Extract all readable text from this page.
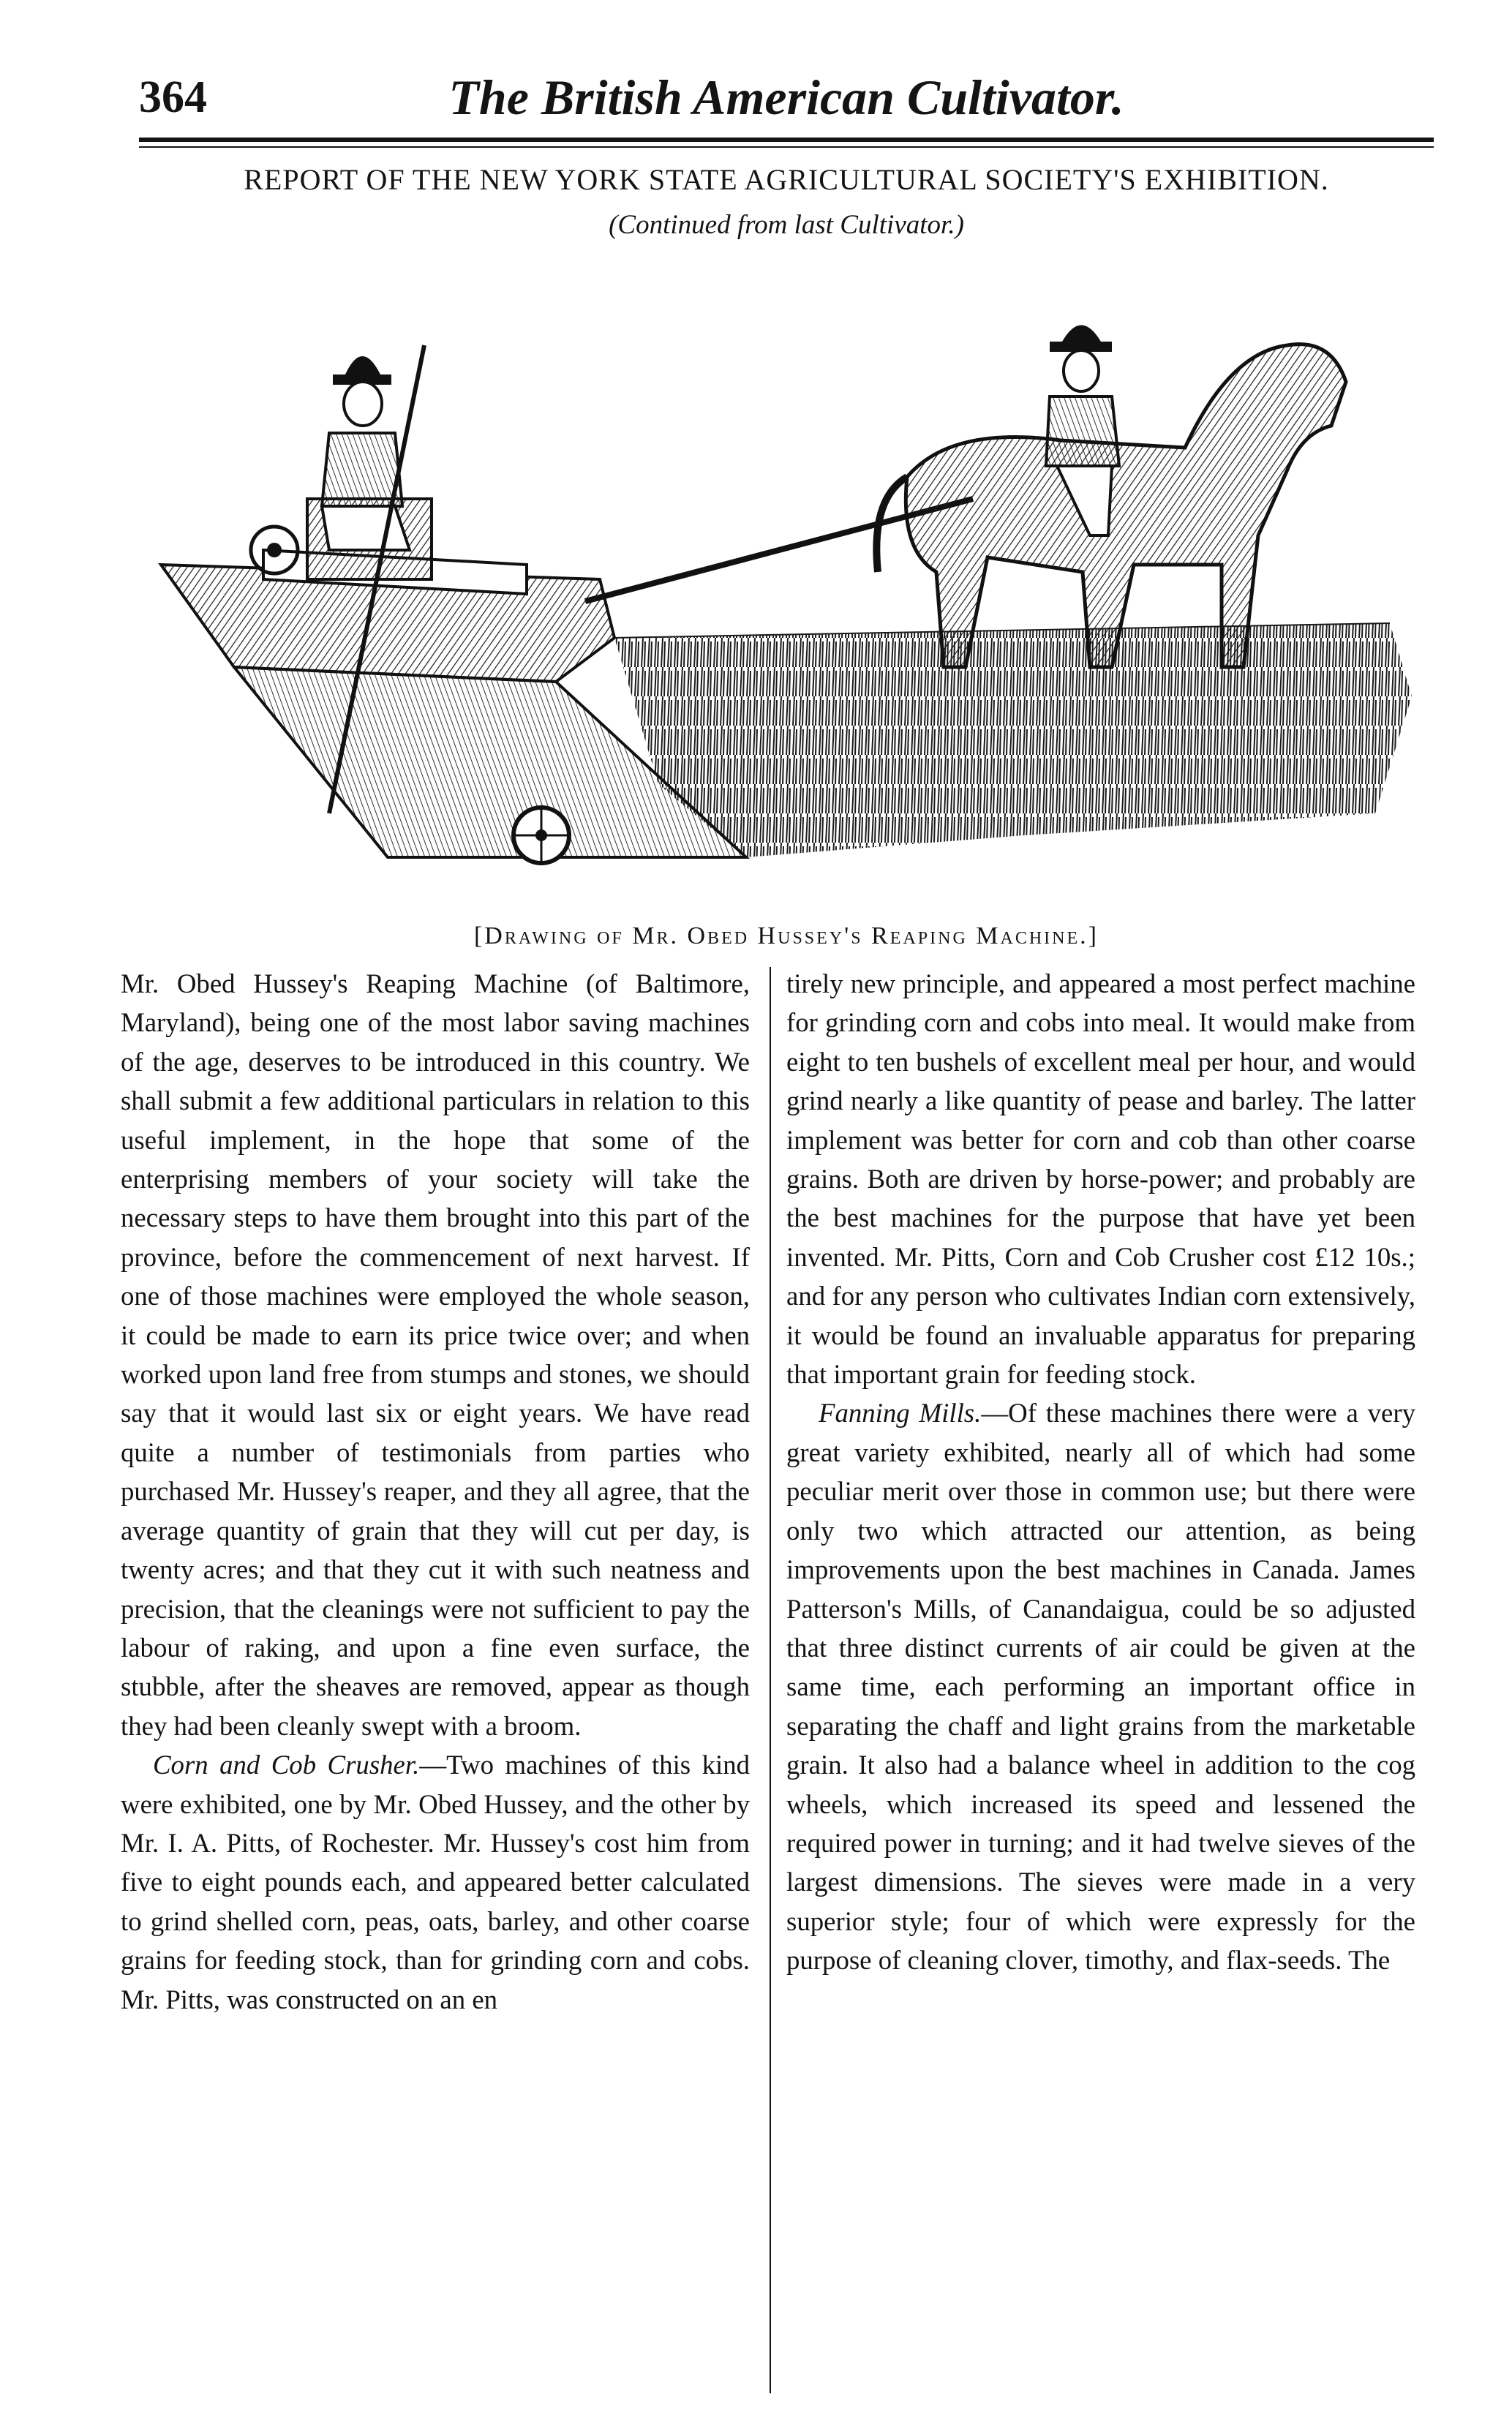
364	The British American Cultivator.
REPORT OF THE NEW YORK STATE AGRICULTURAL SOCIETY'S EXHIBITION.
(Continued from last Cultivator.)
[Drawing of Mr. Obed Hussey's Reaping Machine.]

Mr. Obed Hussey's Reaping Machine (of Baltimore, Maryland), being one of the most labor saving machines of the age, deserves to be introduced in this country. We shall submit a few additional particulars in relation to this useful implement, in the hope that some of the enterprising members of your society will take the necessary steps to have them brought into this part of the province, before the commencement of next harvest. If one of those machines were employed the whole season, it could be made to earn its price twice over; and when worked upon land free from stumps and stones, we should say that it would last six or eight years. We have read quite a number of testimonials from parties who purchased Mr. Hussey's reaper, and they all agree, that the average quantity of grain that they will cut per day, is twenty acres; and that they cut it with such neatness and precision, that the cleanings were not sufficient to pay the labour of raking, and upon a fine even surface, the stubble, after the sheaves are removed, appear as though they had been cleanly swept with a broom.

Corn and Cob Crusher.—Two machines of this kind were exhibited, one by Mr. Obed Hussey, and the other by Mr. I. A. Pitts, of Rochester. Mr. Hussey's cost him from five to eight pounds each, and appeared better calculated to grind shelled corn, peas, oats, barley, and other coarse grains for feeding stock, than for grinding corn and cobs. Mr. Pitts, was constructed on an en

tirely new principle, and appeared a most perfect machine for grinding corn and cobs into meal. It would make from eight to ten bushels of excellent meal per hour, and would grind nearly a like quantity of pease and barley. The latter implement was better for corn and cob than other coarse grains. Both are driven by horse-power; and probably are the best machines for the purpose that have yet been invented. Mr. Pitts, Corn and Cob Crusher cost £12 10s.; and for any person who cultivates Indian corn extensively, it would be found an invaluable apparatus for preparing that important grain for feeding stock.

Fanning Mills.—Of these machines there were a very great variety exhibited, nearly all of which had some peculiar merit over those in common use; but there were only two which attracted our attention, as being improvements upon the best machines in Canada. James Patterson's Mills, of Canandaigua, could be so adjusted that three distinct currents of air could be given at the same time, each performing an important office in separating the chaff and light grains from the marketable grain. It also had a balance wheel in addition to the cog wheels, which increased its speed and lessened the required power in turning; and it had twelve sieves of the largest dimensions. The sieves were made in a very superior style; four of which were expressly for the purpose of cleaning clover, timothy, and flax-seeds. The
